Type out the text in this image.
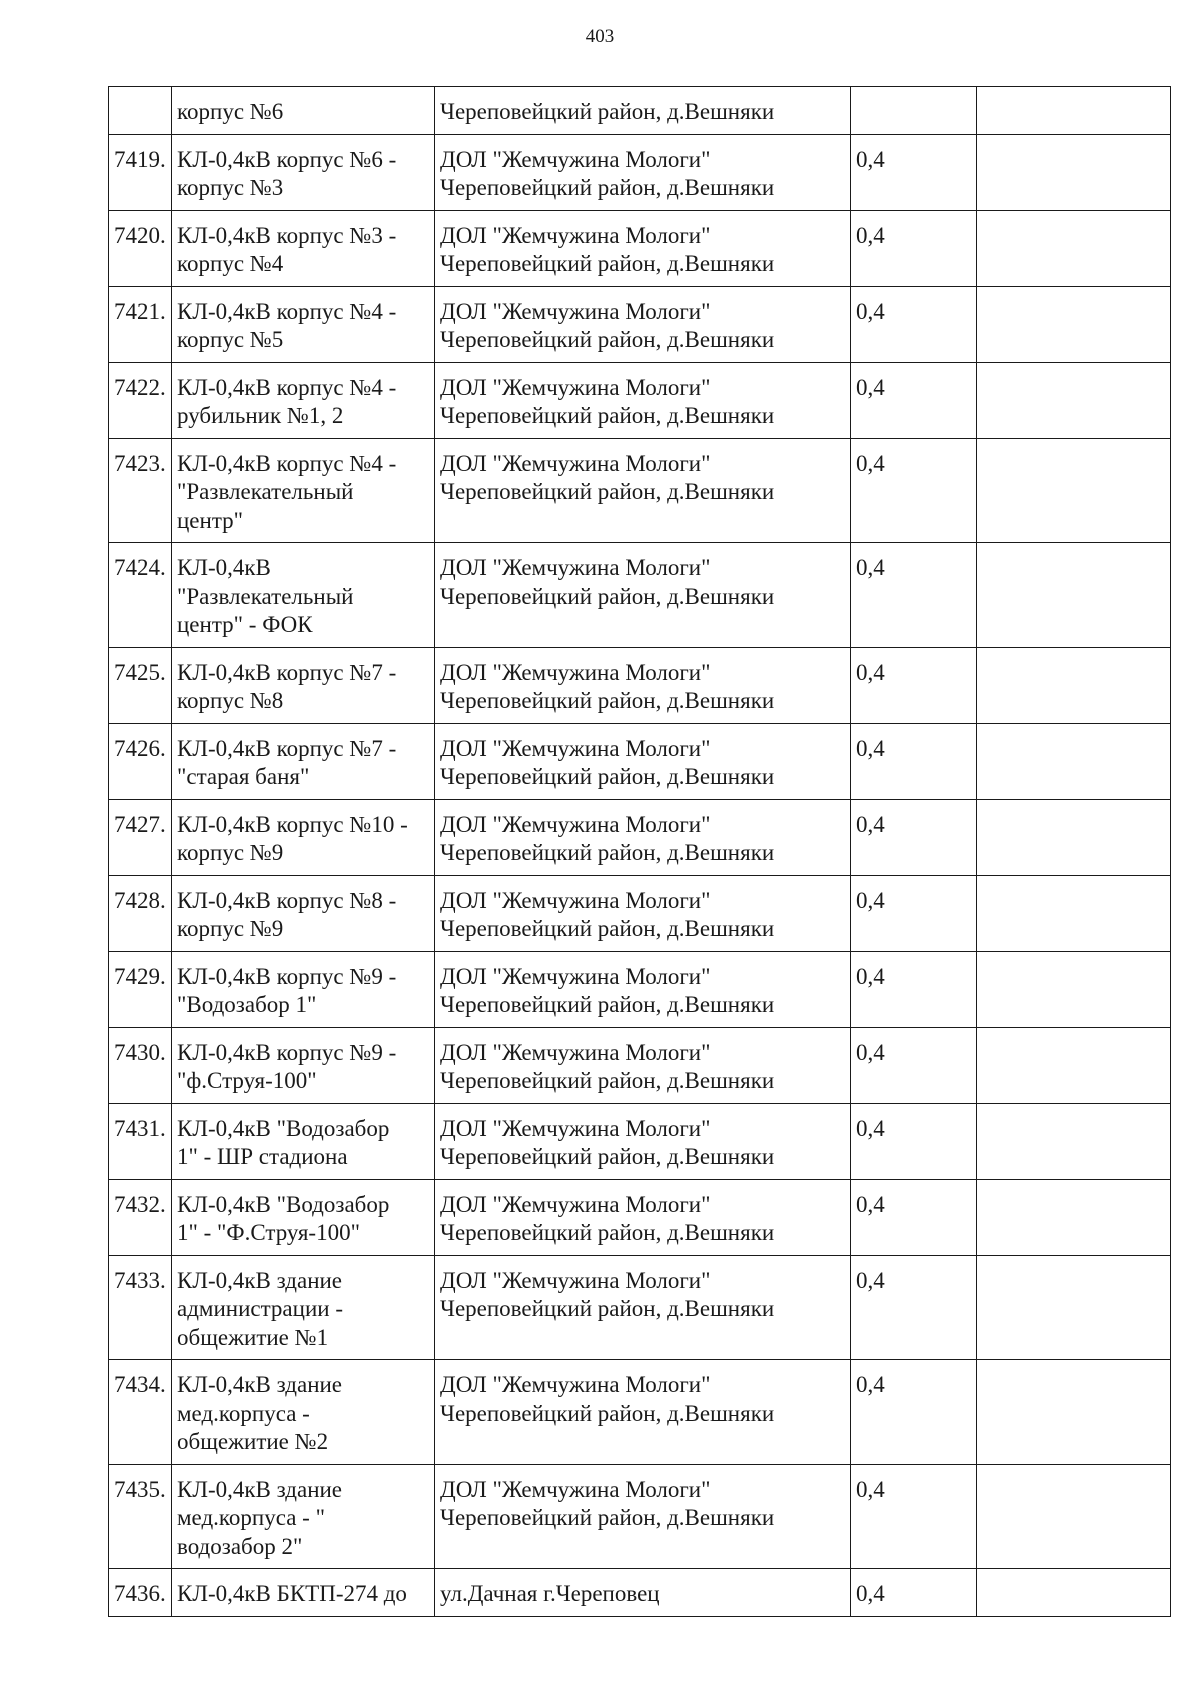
403

	корпус №6	Череповейцкий район, д.Вешняки		

7419.	КЛ-0,4кВ корпус №6 -
корпус №3	ДОЛ "Жемчужина Мологи"
Череповейцкий район, д.Вешняки	0,4	

7420.	КЛ-0,4кВ корпус №3 -
корпус №4	ДОЛ "Жемчужина Мологи"
Череповейцкий район, д.Вешняки	0,4	

7421.	КЛ-0,4кВ корпус №4 -
корпус №5	ДОЛ "Жемчужина Мологи"
Череповейцкий район, д.Вешняки	0,4	

7422.	КЛ-0,4кВ корпус №4 -
рубильник №1, 2	ДОЛ "Жемчужина Мологи"
Череповейцкий район, д.Вешняки	0,4	

7423.	КЛ-0,4кВ корпус №4 -
"Развлекательный
центр"	ДОЛ "Жемчужина Мологи"
Череповейцкий район, д.Вешняки	0,4	

7424.	КЛ-0,4кВ
"Развлекательный
центр" - ФОК	ДОЛ "Жемчужина Мологи"
Череповейцкий район, д.Вешняки	0,4	

7425.	КЛ-0,4кВ корпус №7 -
корпус №8	ДОЛ "Жемчужина Мологи"
Череповейцкий район, д.Вешняки	0,4	

7426.	КЛ-0,4кВ корпус №7 -
"старая баня"	ДОЛ "Жемчужина Мологи"
Череповейцкий район, д.Вешняки	0,4	

7427.	КЛ-0,4кВ корпус №10 -
корпус №9	ДОЛ "Жемчужина Мологи"
Череповейцкий район, д.Вешняки	0,4	

7428.	КЛ-0,4кВ корпус №8 -
корпус №9	ДОЛ "Жемчужина Мологи"
Череповейцкий район, д.Вешняки	0,4	

7429.	КЛ-0,4кВ корпус №9 -
"Водозабор 1"	ДОЛ "Жемчужина Мологи"
Череповейцкий район, д.Вешняки	0,4	

7430.	КЛ-0,4кВ корпус №9 -
"ф.Струя-100"	ДОЛ "Жемчужина Мологи"
Череповейцкий район, д.Вешняки	0,4	

7431.	КЛ-0,4кВ "Водозабор
1" - ШР стадиона	ДОЛ "Жемчужина Мологи"
Череповейцкий район, д.Вешняки	0,4	

7432.	КЛ-0,4кВ "Водозабор
1" - "Ф.Струя-100"	ДОЛ "Жемчужина Мологи"
Череповейцкий район, д.Вешняки	0,4	

7433.	КЛ-0,4кВ здание
администрации -
общежитие №1	ДОЛ "Жемчужина Мологи"
Череповейцкий район, д.Вешняки	0,4	

7434.	КЛ-0,4кВ здание
мед.корпуса -
общежитие №2	ДОЛ "Жемчужина Мологи"
Череповейцкий район, д.Вешняки	0,4	

7435.	КЛ-0,4кВ здание
мед.корпуса - "
водозабор 2"	ДОЛ "Жемчужина Мологи"
Череповейцкий район, д.Вешняки	0,4	

7436.	КЛ-0,4кВ БКТП-274 до	ул.Дачная г.Череповец	0,4	
